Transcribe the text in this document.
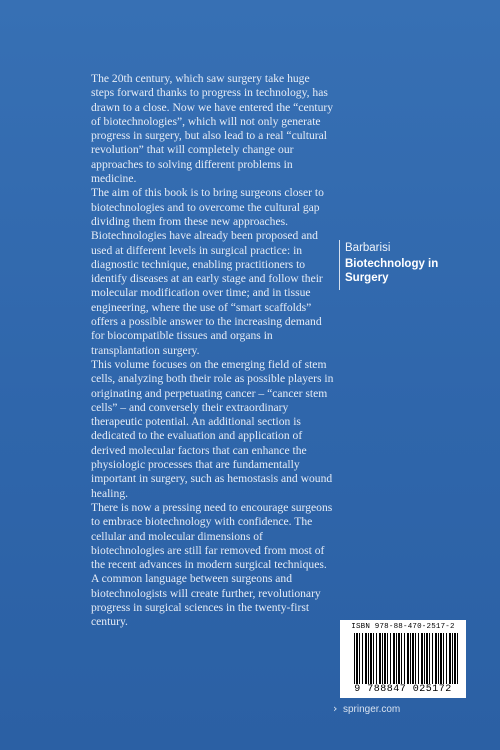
The 20th century, which saw surgery take huge steps forward thanks to progress in technology, has drawn to a close. Now we have entered the “century of biotechnologies”, which will not only generate progress in surgery, but also lead to a real “cultural revolution” that will completely change our approaches to solving different problems in medicine.

The aim of this book is to bring surgeons closer to biotechnologies and to overcome the cultural gap dividing them from these new approaches.

Biotechnologies have already been proposed and used at different levels in surgical practice: in diagnostic technique, enabling practitioners to identify diseases at an early stage and follow their molecular modification over time; and in tissue engineering, where the use of “smart scaffolds” offers a possible answer to the increasing demand for biocompatible tissues and organs in transplantation surgery.

This volume focuses on the emerging field of stem cells, analyzing both their role as possible players in originating and perpetuating cancer – “cancer stem cells” – and conversely their extraordinary therapeutic potential. An additional section is dedicated to the evaluation and application of derived molecular factors that can enhance the physiologic processes that are fundamentally important in surgery, such as hemostasis and wound healing.

There is now a pressing need to encourage surgeons to embrace biotechnology with confidence. The cellular and molecular dimensions of biotechnologies are still far removed from most of the recent advances in modern surgical techniques. A common language between surgeons and biotechnologists will create further, revolutionary progress in surgical sciences in the twenty-first century.

Barbarisi
Biotechnology in Surgery
ISBN 978-88-470-2517-2
9 788847 025172
› springer.com
